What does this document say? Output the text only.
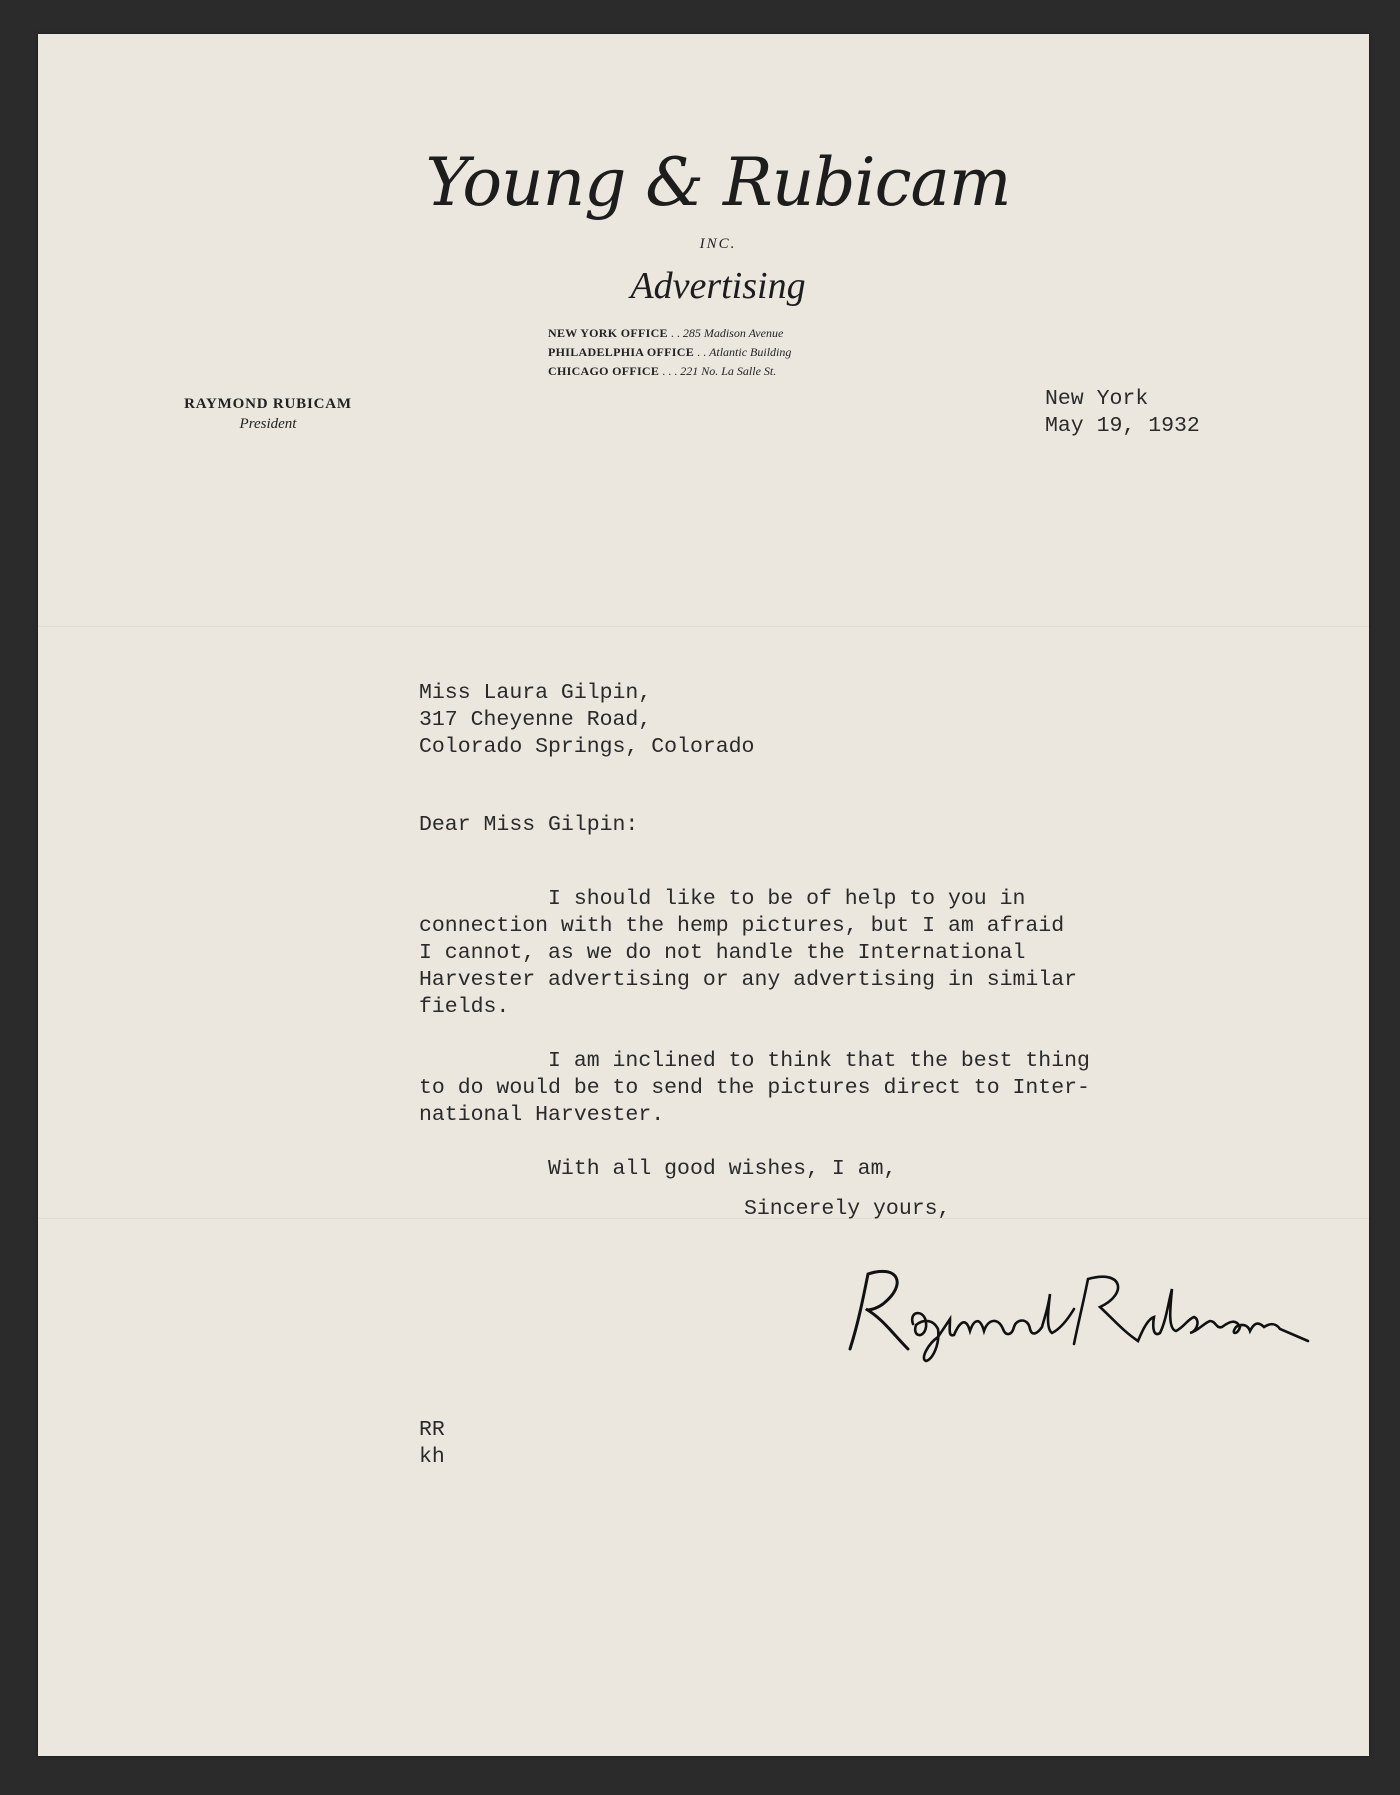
Young & Rubicam
INC.
Advertising
NEW YORK OFFICE . . 285 Madison Avenue
PHILADELPHIA OFFICE . . Atlantic Building
CHICAGO OFFICE . . . 221 No. La Salle St.
RAYMOND RUBICAM
President
New York
May 19, 1932
Miss Laura Gilpin,
317 Cheyenne Road,
Colorado Springs, Colorado
Dear Miss Gilpin:
I should like to be of help to you in
connection with the hemp pictures, but I am afraid
I cannot, as we do not handle the International
Harvester advertising or any advertising in similar
fields.
I am inclined to think that the best thing
to do would be to send the pictures direct to Inter-
national Harvester.
With all good wishes, I am,
Sincerely yours,
RR
kh
